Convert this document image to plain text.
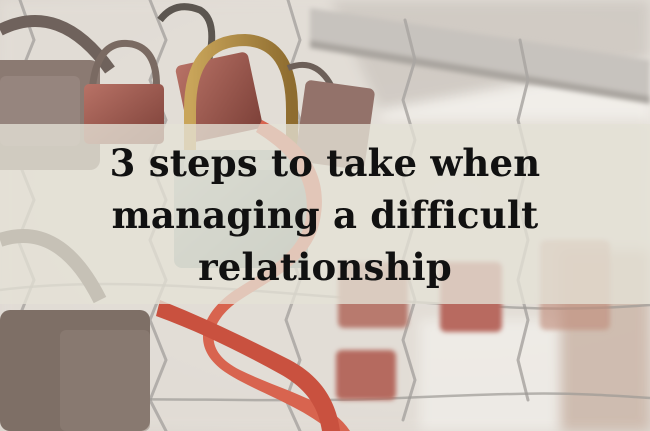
3 steps to take when
managing a difficult
relationship
